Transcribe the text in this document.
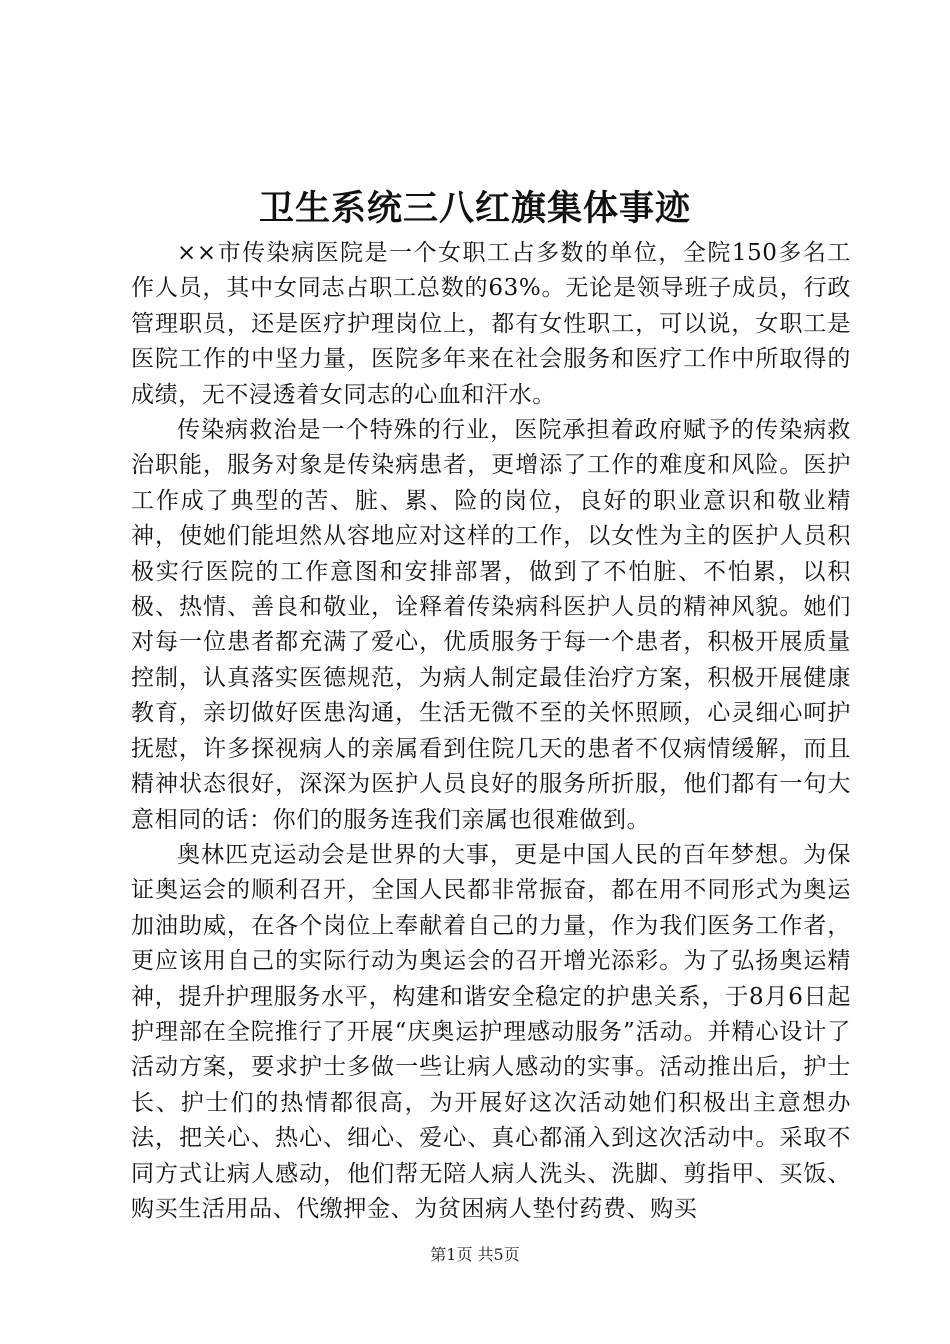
卫生系统三八红旗集体事迹

××市传染病医院是一个女职工占多数的单位，全院150多名工作人员，其中女同志占职工总数的63%。无论是领导班子成员，行政管理职员，还是医疗护理岗位上，都有女性职工，可以说，女职工是医院工作的中坚力量，医院多年来在社会服务和医疗工作中所取得的成绩，无不浸透着女同志的心血和汗水。

传染病救治是一个特殊的行业，医院承担着政府赋予的传染病救治职能，服务对象是传染病患者，更增添了工作的难度和风险。医护工作成了典型的苦、脏、累、险的岗位，良好的职业意识和敬业精神，使她们能坦然从容地应对这样的工作，以女性为主的医护人员积极实行医院的工作意图和安排部署，做到了不怕脏、不怕累，以积极、热情、善良和敬业，诠释着传染病科医护人员的精神风貌。她们对每一位患者都充满了爱心，优质服务于每一个患者，积极开展质量控制，认真落实医德规范，为病人制定最佳治疗方案，积极开展健康教育，亲切做好医患沟通，生活无微不至的关怀照顾，心灵细心呵护抚慰，许多探视病人的亲属看到住院几天的患者不仅病情缓解，而且精神状态很好，深深为医护人员良好的服务所折服，他们都有一句大意相同的话：你们的服务连我们亲属也很难做到。

奥林匹克运动会是世界的大事，更是中国人民的百年梦想。为保证奥运会的顺利召开，全国人民都非常振奋，都在用不同形式为奥运加油助威，在各个岗位上奉献着自己的力量，作为我们医务工作者，更应该用自己的实际行动为奥运会的召开增光添彩。为了弘扬奥运精神，提升护理服务水平，构建和谐安全稳定的护患关系，于8月6日起护理部在全院推行了开展“庆奥运护理感动服务”活动。并精心设计了活动方案，要求护士多做一些让病人感动的实事。活动推出后，护士长、护士们的热情都很高，为开展好这次活动她们积极出主意想办法，把关心、热心、细心、爱心、真心都涌入到这次活动中。采取不同方式让病人感动，他们帮无陪人病人洗头、洗脚、剪指甲、买饭、购买生活用品、代缴押金、为贫困病人垫付药费、购买

第1页 共5页
